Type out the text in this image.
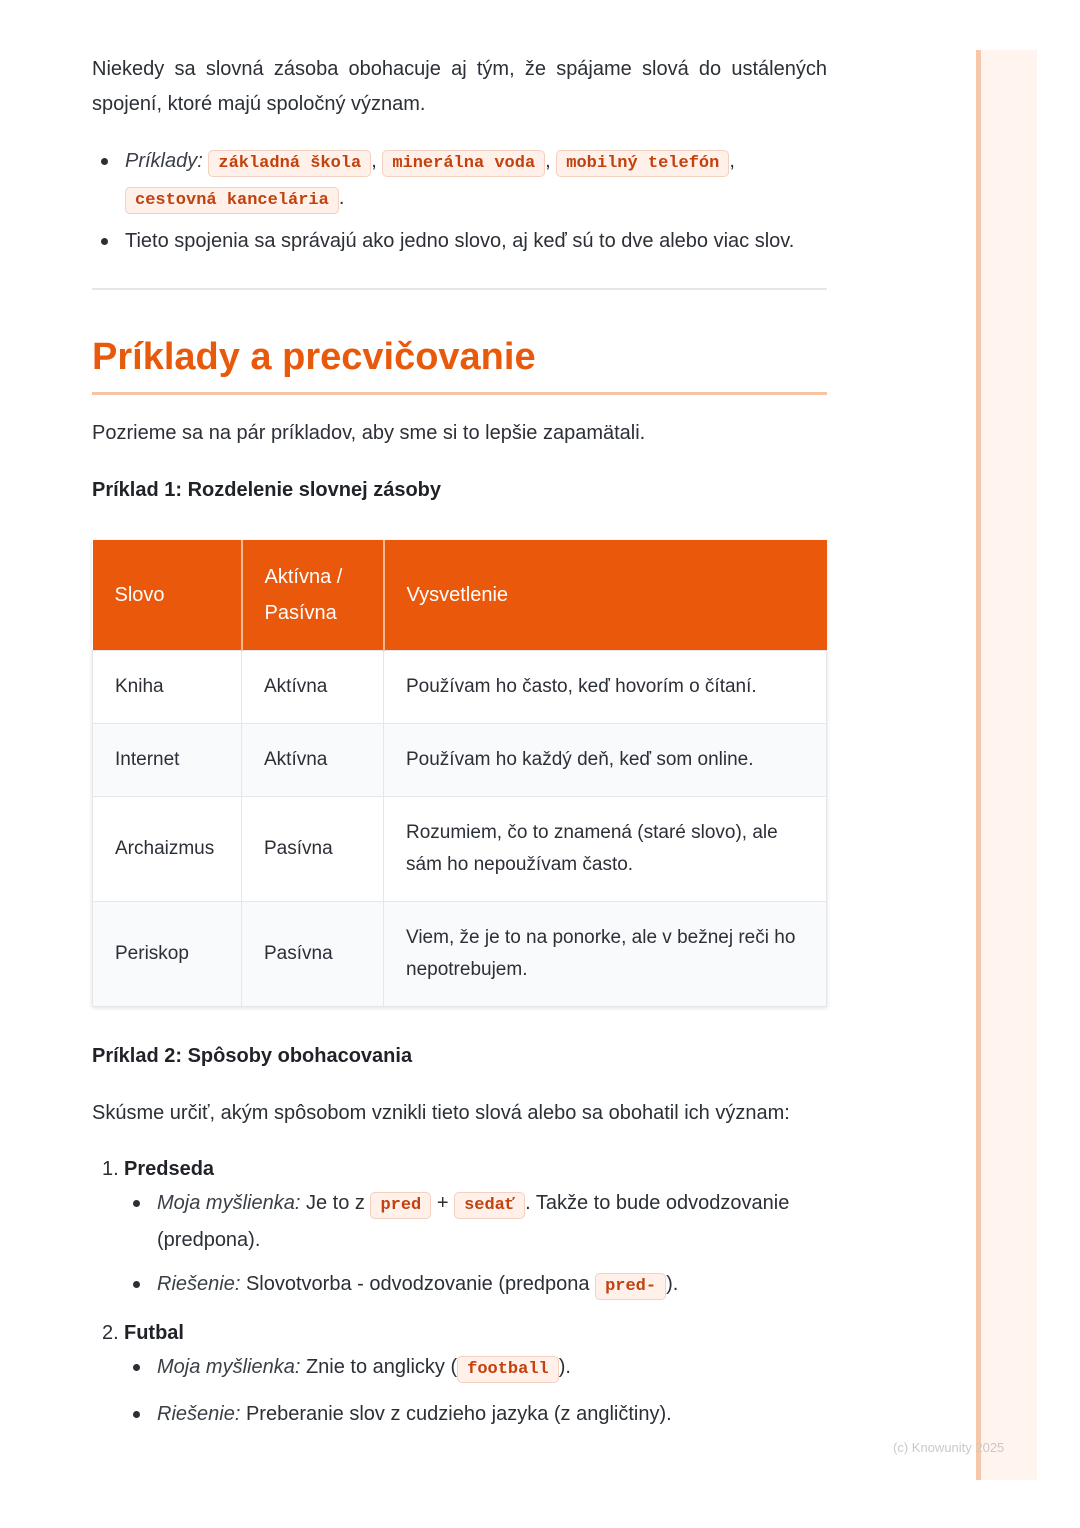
Niekedy sa slovná zásoba obohacuje aj tým, že spájame slová do ustálených spojení, ktoré majú spoločný význam.

Príklady: základná škola , minerálna voda , mobilný telefón , cestovná kancelária .
Tieto spojenia sa správajú ako jedno slovo, aj keď sú to dve alebo viac slov.
Príklady a precvičovanie

Pozrieme sa na pár príkladov, aby sme si to lepšie zapamätali.

Príklad 1: Rozdelenie slovnej zásoby

Slovo	Aktívna / Pasívna	Vysvetlenie
Kniha	Aktívna	Používam ho často, keď hovorím o čítaní.
Internet	Aktívna	Používam ho každý deň, keď som online.
Archaizmus	Pasívna	Rozumiem, čo to znamená (staré slovo), ale sám ho nepoužívam často.
Periskop	Pasívna	Viem, že je to na ponorke, ale v bežnej reči ho nepotrebujem.

Príklad 2: Spôsoby obohacovania

Skúsme určiť, akým spôsobom vznikli tieto slová alebo sa obohatil ich význam:

1. Predseda
Moja myšlienka: Je to z pred + sedať . Takže to bude odvodzovanie (predpona).
Riešenie: Slovotvorba - odvodzovanie (predpona pred- ).
2. Futbal
Moja myšlienka: Znie to anglicky ( football ).
Riešenie: Preberanie slov z cudzieho jazyka (z angličtiny).
(c) Knowunity 2025
